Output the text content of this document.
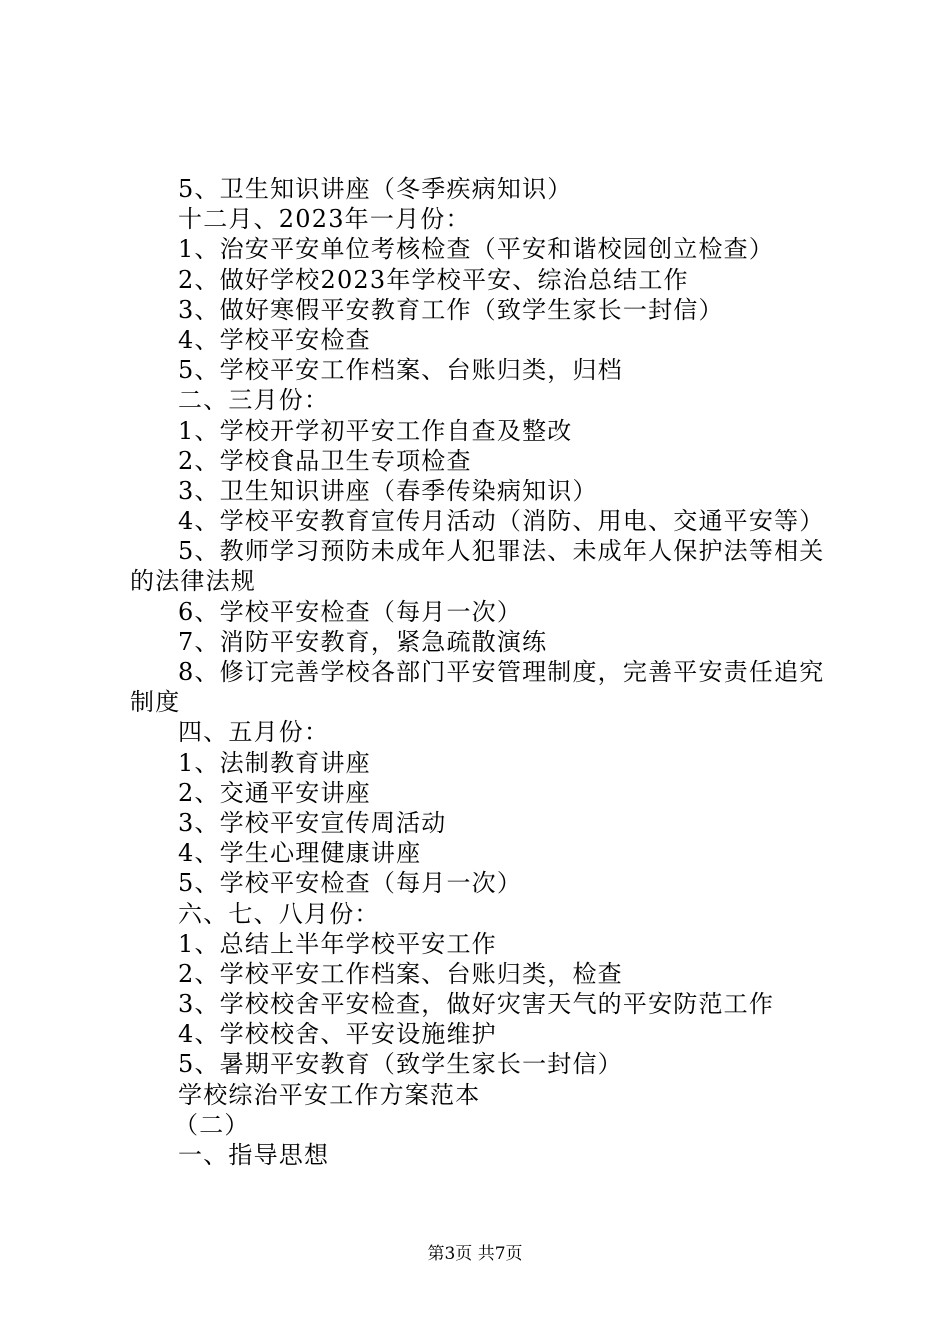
5、卫生知识讲座（冬季疾病知识）
十二月、2023年一月份：
1、治安平安单位考核检查（平安和谐校园创立检查）
2、做好学校2023年学校平安、综治总结工作
3、做好寒假平安教育工作（致学生家长一封信）
4、学校平安检查
5、学校平安工作档案、台账归类，归档
二、三月份：
1、学校开学初平安工作自查及整改
2、学校食品卫生专项检查
3、卫生知识讲座（春季传染病知识）
4、学校平安教育宣传月活动（消防、用电、交通平安等）
5、教师学习预防未成年人犯罪法、未成年人保护法等相关
的法律法规
6、学校平安检查（每月一次）
7、消防平安教育，紧急疏散演练
8、修订完善学校各部门平安管理制度，完善平安责任追究
制度
四、五月份：
1、法制教育讲座
2、交通平安讲座
3、学校平安宣传周活动
4、学生心理健康讲座
5、学校平安检查（每月一次）
六、七、八月份：
1、总结上半年学校平安工作
2、学校平安工作档案、台账归类，检查
3、学校校舍平安检查，做好灾害天气的平安防范工作
4、学校校舍、平安设施维护
5、暑期平安教育（致学生家长一封信）
学校综治平安工作方案范本
（二）
一、指导思想
第3页 共7页
